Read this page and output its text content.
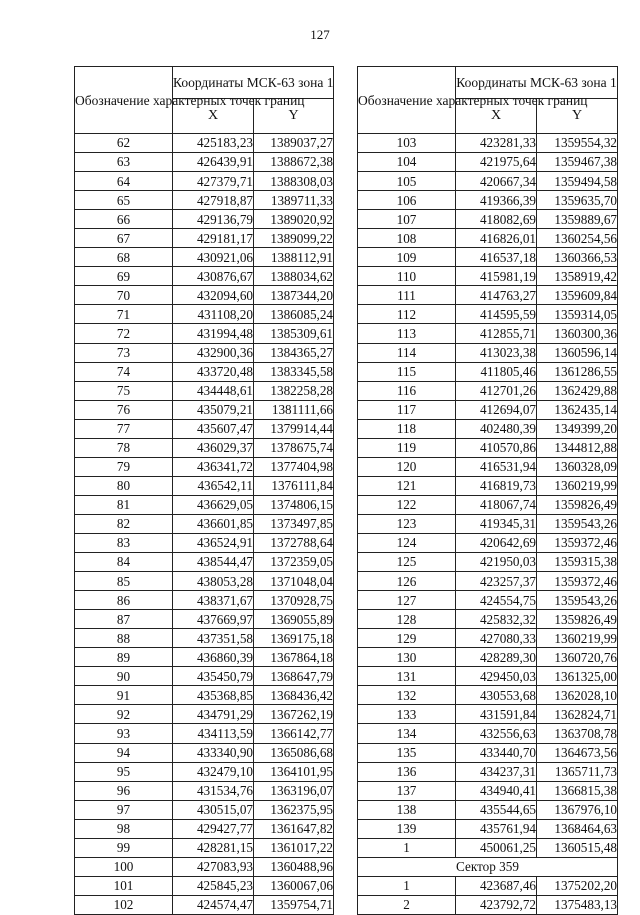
127
Обозначение характерных точек границ	Координаты МСК-63 зона 1	
	X	Y
62	425183,23	1389037,27
63	426439,91	1388672,38
64	427379,71	1388308,03
65	427918,87	1389711,33
66	429136,79	1389020,92
67	429181,17	1389099,22
68	430921,06	1388112,91
69	430876,67	1388034,62
70	432094,60	1387344,20
71	431108,20	1386085,24
72	431994,48	1385309,61
73	432900,36	1384365,27
74	433720,48	1383345,58
75	434448,61	1382258,28
76	435079,21	1381111,66
77	435607,47	1379914,44
78	436029,37	1378675,74
79	436341,72	1377404,98
80	436542,11	1376111,84
81	436629,05	1374806,15
82	436601,85	1373497,85
83	436524,91	1372788,64
84	438544,47	1372359,05
85	438053,28	1371048,04
86	438371,67	1370928,75
87	437669,97	1369055,89
88	437351,58	1369175,18
89	436860,39	1367864,18
90	435450,79	1368647,79
91	435368,85	1368436,42
92	434791,29	1367262,19
93	434113,59	1366142,77
94	433340,90	1365086,68
95	432479,10	1364101,95
96	431534,76	1363196,07
97	430515,07	1362375,95
98	429427,77	1361647,82
99	428281,15	1361017,22
100	427083,93	1360488,96
101	425845,23	1360067,06
102	424574,47	1359754,71
Обозначение характерных точек границ	Координаты МСК-63 зона 1	
	X	Y
103	423281,33	1359554,32
104	421975,64	1359467,38
105	420667,34	1359494,58
106	419366,39	1359635,70
107	418082,69	1359889,67
108	416826,01	1360254,56
109	416537,18	1360366,53
110	415981,19	1358919,42
111	414763,27	1359609,84
112	414595,59	1359314,05
113	412855,71	1360300,36
114	413023,38	1360596,14
115	411805,46	1361286,55
116	412701,26	1362429,88
117	412694,07	1362435,14
118	402480,39	1349399,20
119	410570,86	1344812,88
120	416531,94	1360328,09
121	416819,73	1360219,99
122	418067,74	1359826,49
123	419345,31	1359543,26
124	420642,69	1359372,46
125	421950,03	1359315,38
126	423257,37	1359372,46
127	424554,75	1359543,26
128	425832,32	1359826,49
129	427080,33	1360219,99
130	428289,30	1360720,76
131	429450,03	1361325,00
132	430553,68	1362028,10
133	431591,84	1362824,71
134	432556,63	1363708,78
135	433440,70	1364673,56
136	434237,31	1365711,73
137	434940,41	1366815,38
138	435544,65	1367976,10
139	435761,94	1368464,63
1	450061,25	1360515,48
Сектор 359		
1	423687,46	1375202,20
2	423792,72	1375483,13
